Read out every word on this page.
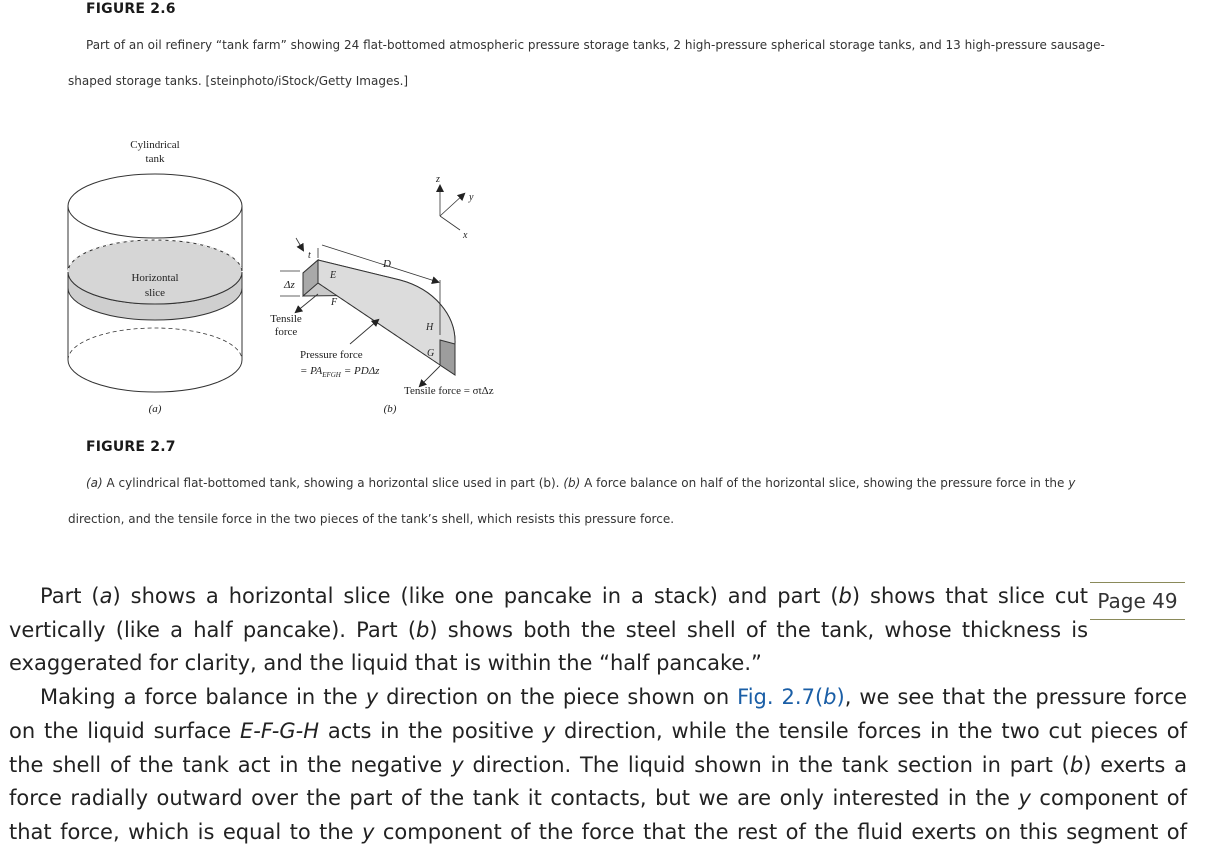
FIGURE 2.6
Part of an oil refinery “tank farm” showing 24 flat-bottomed atmospheric pressure storage tanks, 2 high-pressure spherical storage tanks, and 13 high-pressure sausage-
shaped storage tanks. [steinphoto/iStock/Getty Images.]
Cylindrical
tank
Horizontal
slice
(a)
D
E
F
H
G
t
Δz
Tensile
force
Pressure force
= $PA_{EFGH} = PD\Delta z$
Tensile force = σtΔz
z
y
x
(b)
FIGURE 2.7
(a) A cylindrical flat-bottomed tank, showing a horizontal slice used in part (b). (b) A force balance on half of the horizontal slice, showing the pressure force in the y
direction, and the tensile force in the two pieces of the tank’s shell, which resists this pressure force.
Page 49
Part (a) shows a horizontal slice (like one pancake in a stack) and part (b) shows that slice cut
vertically (like a half pancake). Part (b) shows both the steel shell of the tank, whose thickness is
exaggerated for clarity, and the liquid that is within the “half pancake.”
Making a force balance in the y direction on the piece shown on Fig. 2.7(b), we see that the pressure force
on the liquid surface E-F-G-H acts in the positive y direction, while the tensile forces in the two cut pieces of
the shell of the tank act in the negative y direction. The liquid shown in the tank section in part (b) exerts a
force radially outward over the part of the tank it contacts, but we are only interested in the y component of
that force, which is equal to the y component of the force that the rest of the fluid exerts on this segment of
